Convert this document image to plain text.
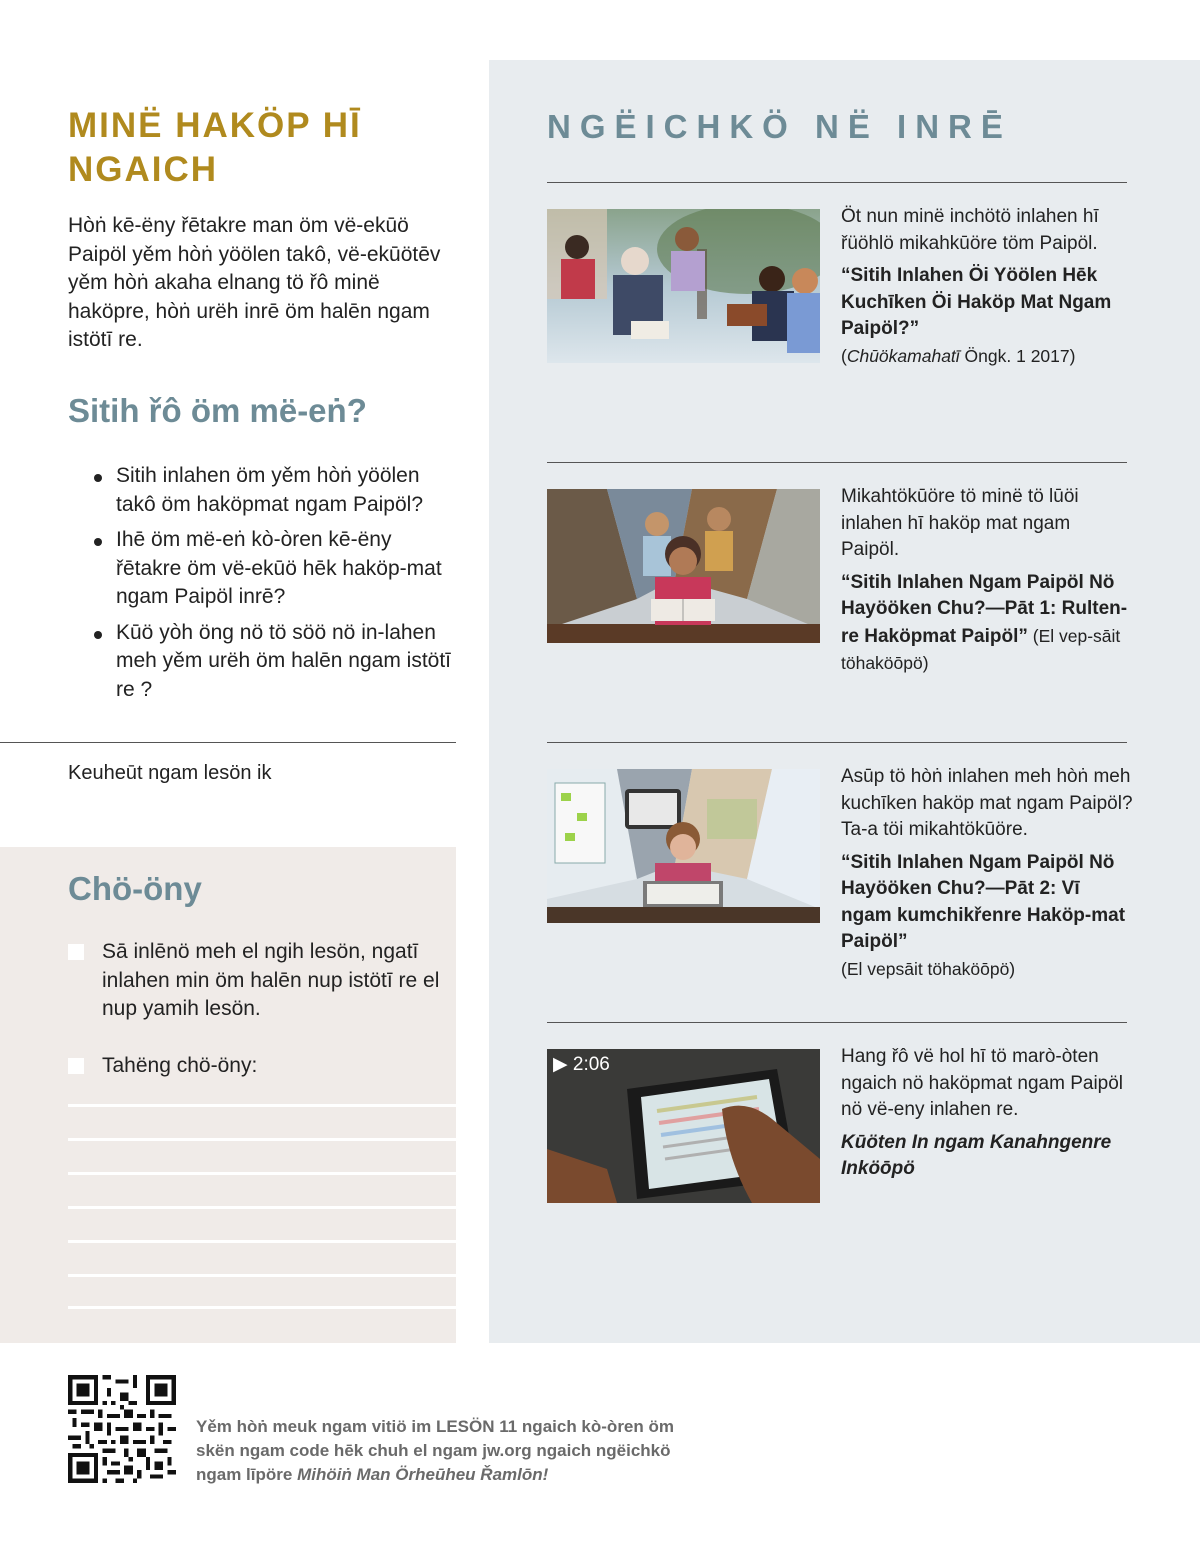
MINË HAKÖP HĪ NGAICH
Hòṅ kē-ëny řētakre man öm vë-ekūö Paipöl yěm hòṅ yöölen takô, vë-ekūötēv yěm hòṅ akaha elnang tö řô minë haköpre, hòṅ urëh inrē öm halēn ngam istötī re.
Sitih řô öm më-eṅ?
Sitih inlahen öm yěm hòṅ yöölen takô öm haköpmat ngam Paipöl?
Ihē öm më-eṅ kò-òren kē-ëny řētakre öm vë-ekūö hēk haköp-mat ngam Paipöl inrē?
Kūö yòh öng nö tö söö nö in-lahen meh yěm urëh öm halēn ngam istötī re ?
Keuheūt ngam lesön ik
Chö-öny
Sā inlēnö meh el ngih lesön, ngatī inlahen min öm halēn nup istötī re el nup yamih lesön.
Tahëng chö-öny:
NGËICHKÖ NË INRĒ
Öt nun minë inchötö inlahen hī řüöhlö mikahkūöre töm Paipöl.
“Sitih Inlahen Öi Yöölen Hēk Kuchīken Öi Haköp Mat Ngam Paipöl?”
(Chūökamahatī Öngk. 1 2017)
Mikahtökūöre tö minë tö lūöi inlahen hī haköp mat ngam Paipöl.
“Sitih Inlahen Ngam Paipöl Nö Hayööken Chu?—Pāt 1: Rulten-re Haköpmat Paipöl” (El vep-sāit töhaköōpö)
Asūp tö hòṅ inlahen meh hòṅ meh kuchīken haköp mat ngam Paipöl? Ta-a töi mikahtökūöre.
“Sitih Inlahen Ngam Paipöl Nö Hayööken Chu?—Pāt 2: Vī ngam kumchikřenre Haköp-mat Paipöl”
(El vepsāit töhaköōpö)
▶ 2:06	Hang řô vë hol hī tö marò-òten ngaich nö haköpmat ngam Paipöl nö vë-eny inlahen re.
Kūöten In ngam Kanahngenre Inköōpö
Yěm hòṅ meuk ngam vitiö im LESÖN 11 ngaich kò-òren öm skën ngam code hēk chuh el ngam jw.org ngaich ngëichkö ngam līpöre Mihöiṅ Man Örheūheu Řamlōn!
